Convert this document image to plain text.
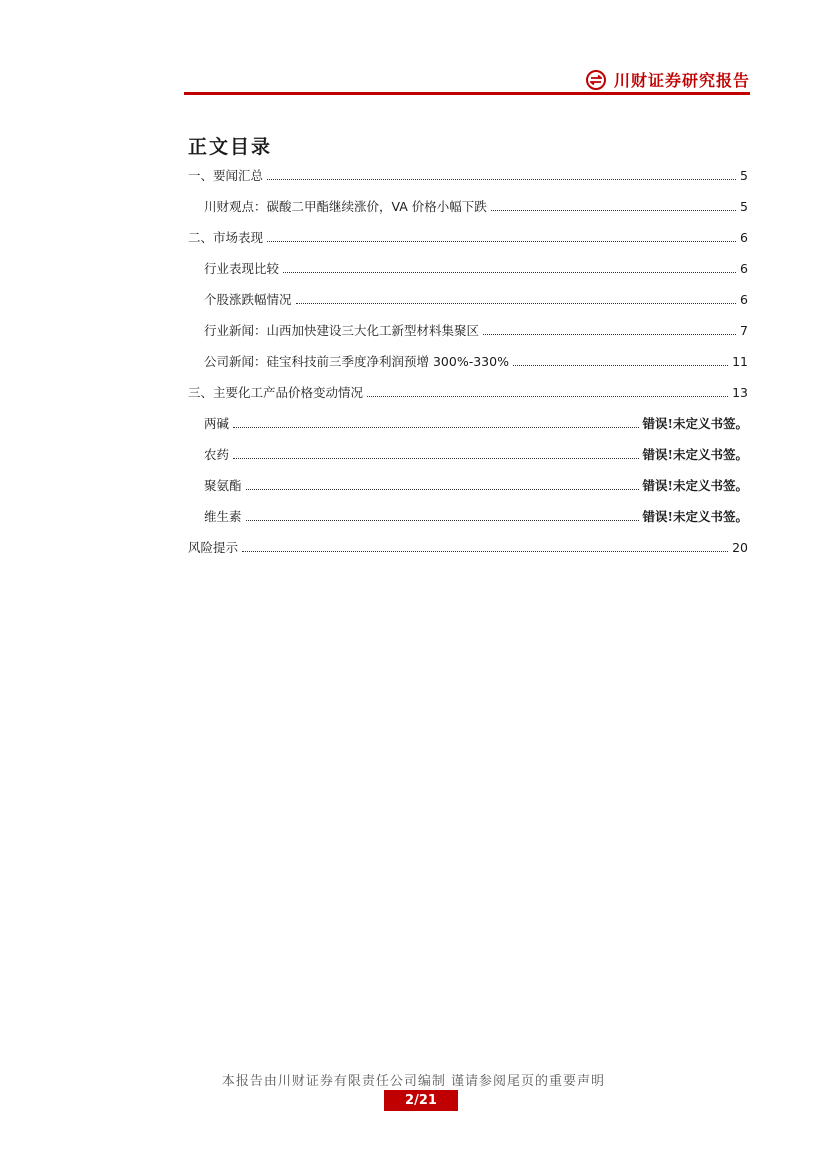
川财证券研究报告
正文目录
一、要闻汇总	5
川财观点：碳酸二甲酯继续涨价，VA 价格小幅下跌	5
二、市场表现	6
行业表现比较	6
个股涨跌幅情况	6
行业新闻：山西加快建设三大化工新型材料集聚区	7
公司新闻：硅宝科技前三季度净利润预增 300%-330%	11
三、主要化工产品价格变动情况	13
两碱	错误!未定义书签。
农药	错误!未定义书签。
聚氨酯	错误!未定义书签。
维生素	错误!未定义书签。
风险提示	20
本报告由川财证券有限责任公司编制 谨请参阅尾页的重要声明
2/21
